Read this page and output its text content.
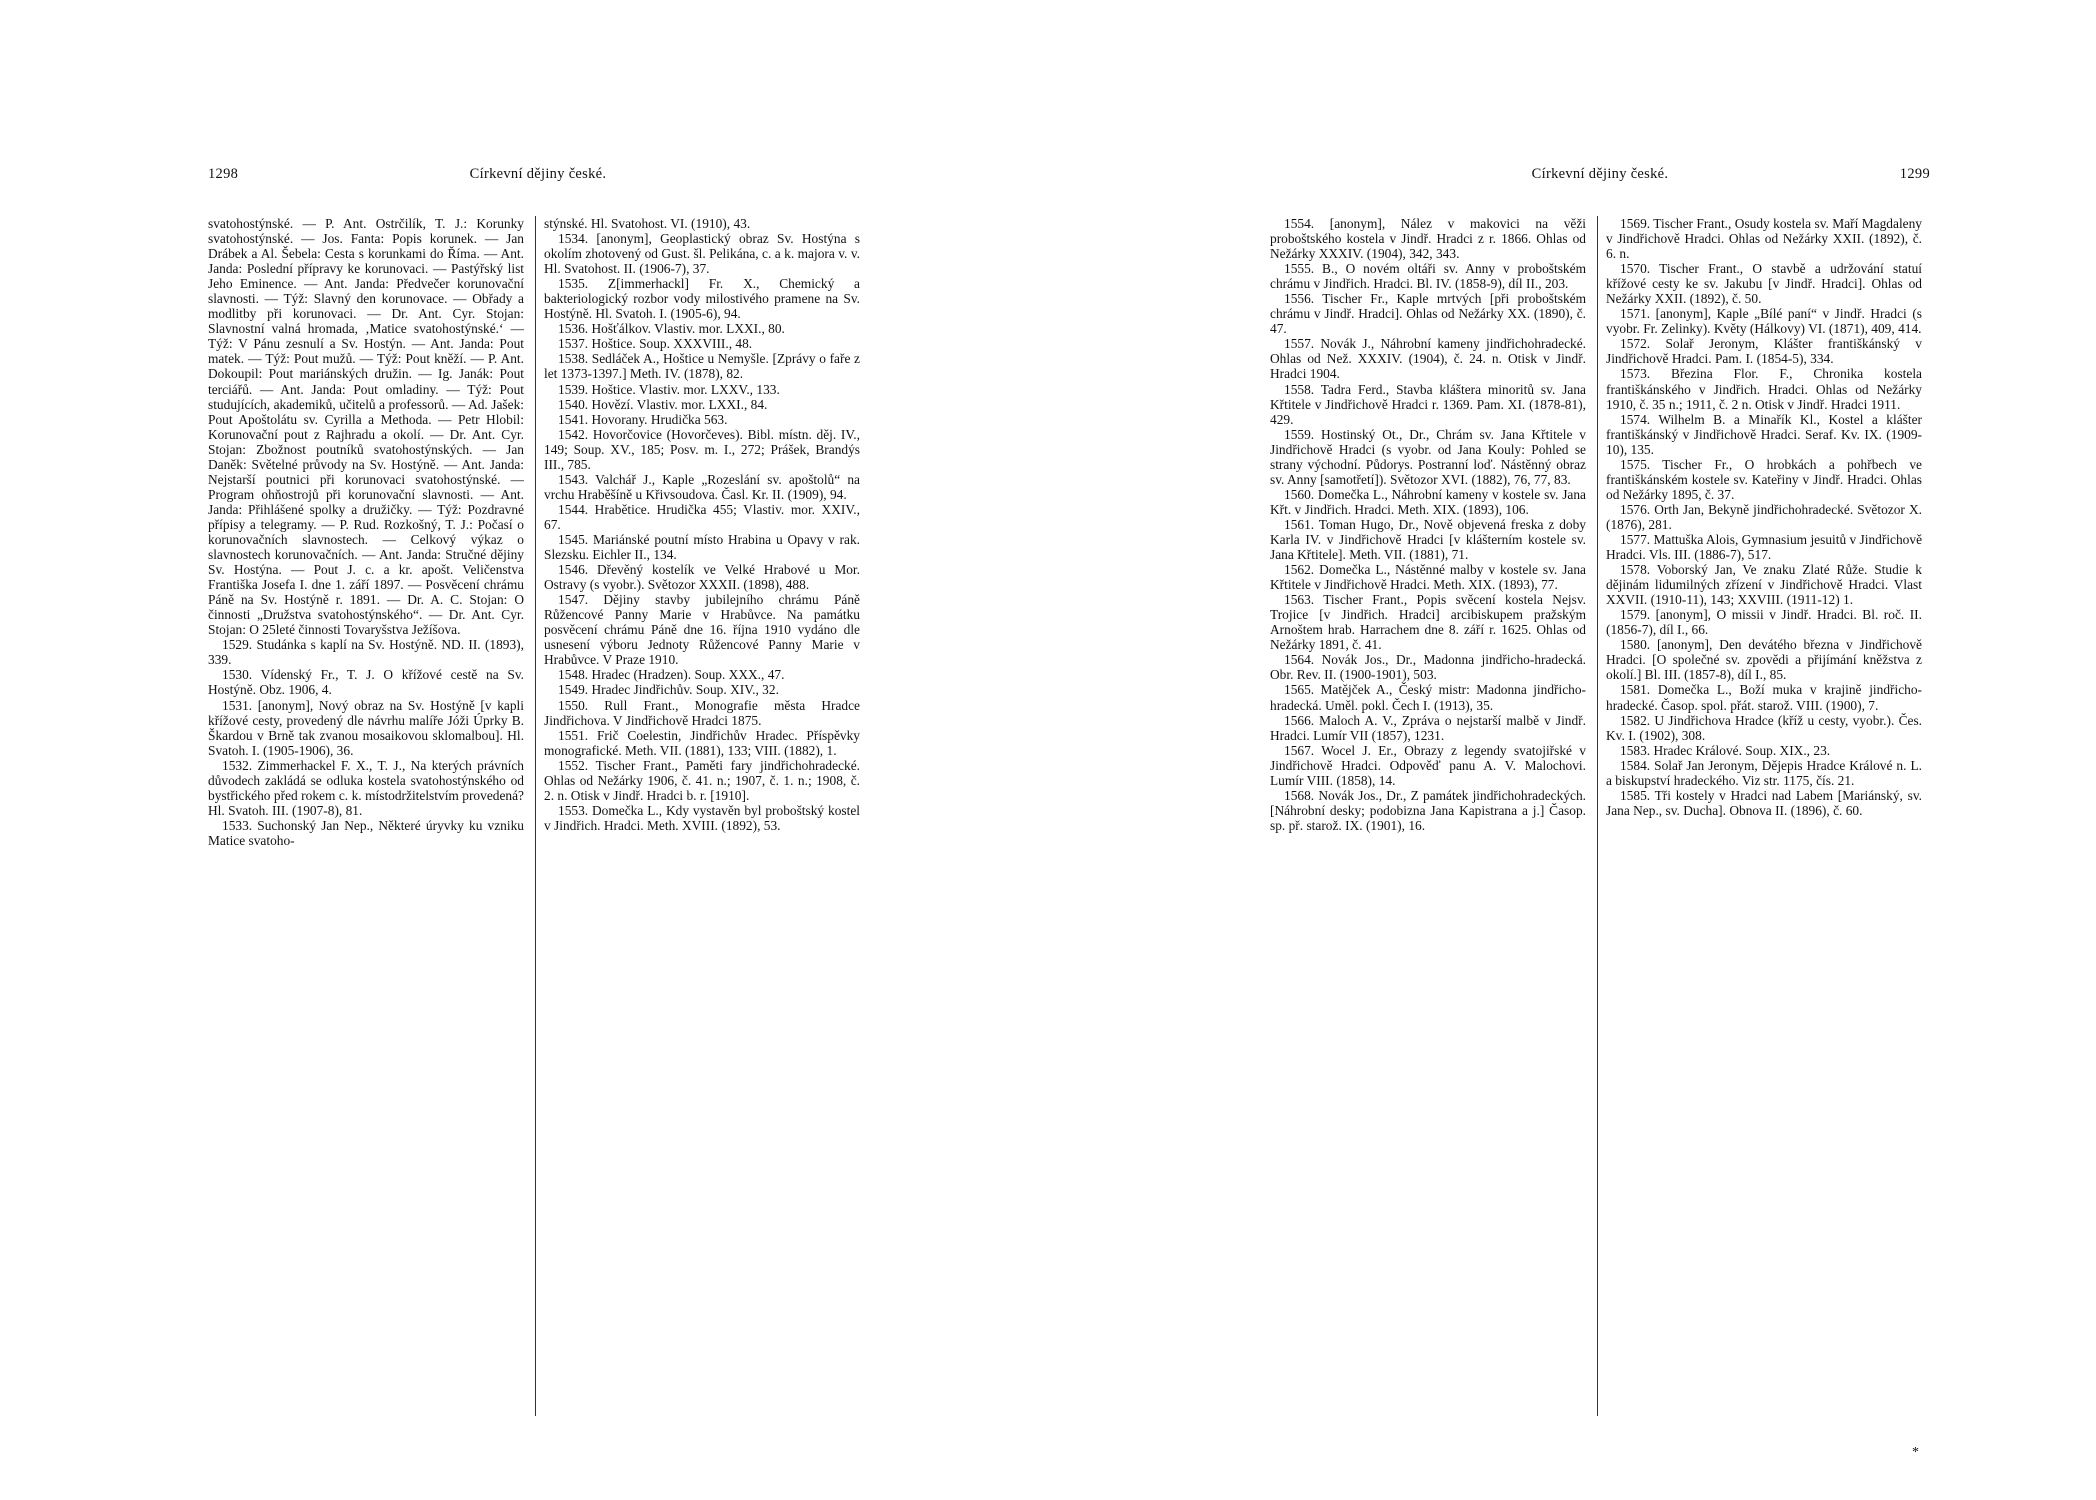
1298	Církevní dějiny české.

svatohostýnské. — P. Ant. Ostrčilík, T. J.: Korunky svatohostýnské. — Jos. Fanta: Popis korunek. — Jan Drábek a Al. Šebela: Cesta s korunkami do Říma. — Ant. Janda: Poslední přípravy ke korunovaci. — Pastýřský list Jeho Eminence. — Ant. Janda: Předvečer korunovační slavnosti. — Týž: Slavný den korunovace. — Obřady a modlitby při korunovaci. — Dr. Ant. Cyr. Stojan: Slavnostní valná hromada, ‚Matice svatohostýnské.‘ — Týž: V Pánu zesnulí a Sv. Hostýn. — Ant. Janda: Pout matek. — Týž: Pout mužů. — Týž: Pout kněží. — P. Ant. Dokoupil: Pout mariánských družin. — Ig. Janák: Pout terciářů. — Ant. Janda: Pout omladiny. — Týž: Pout studujících, akademiků, učitelů a professorů. — Ad. Jašek: Pout Apoštolátu sv. Cyrilla a Methoda. — Petr Hlobil: Korunovační pout z Rajhradu a okolí. — Dr. Ant. Cyr. Stojan: Zbožnost poutníků svatohostýnských. — Jan Daněk: Světelné průvody na Sv. Hostýně. — Ant. Janda: Nejstarší poutnici při korunovaci svatohostýnské. — Program ohňostrojů při korunovační slavnosti. — Ant. Janda: Přihlášené spolky a družičky. — Týž: Pozdravné přípisy a telegramy. — P. Rud. Rozkošný, T. J.: Počasí o korunovačních slavnostech. — Celkový výkaz o slavnostech korunovačních. — Ant. Janda: Stručné dějiny Sv. Hostýna. — Pout J. c. a kr. apošt. Veličenstva Františka Josefa I. dne 1. září 1897. — Posvěcení chrámu Páně na Sv. Hostýně r. 1891. — Dr. A. C. Stojan: O činnosti „Družstva svatohostýnského“. — Dr. Ant. Cyr. Stojan: O 25leté činnosti Tovaryšstva Ježíšova.

1529. Studánka s kaplí na Sv. Hostýně. ND. II. (1893), 339.

1530. Vídenský Fr., T. J. O křížové cestě na Sv. Hostýně. Obz. 1906, 4.

1531. [anonym], Nový obraz na Sv. Hostýně [v kapli křížové cesty, provedený dle návrhu malíře Jóži Úprky B. Škardou v Brně tak zvanou mosaikovou sklomalbou]. Hl. Svatoh. I. (1905-1906), 36.

1532. Zimmerhackel F. X., T. J., Na kterých právních důvodech zakládá se odluka kostela svatohostýnského od bystřického před rokem c. k. místodržitelstvím provedená? Hl. Svatoh. III. (1907-8), 81.

1533. Suchonský Jan Nep., Některé úryvky ku vzniku Matice svatoho-

stýnské. Hl. Svatohost. VI. (1910), 43.

1534. [anonym], Geoplastický obraz Sv. Hostýna s okolím zhotovený od Gust. šl. Pelikána, c. a k. majora v. v. Hl. Svatohost. II. (1906-7), 37.

1535. Z[immerhackl] Fr. X., Chemický a bakteriologický rozbor vody milostivého pramene na Sv. Hostýně. Hl. Svatoh. I. (1905-6), 94.

1536. Hošťálkov. Vlastiv. mor. LXXI., 80.

1537. Hoštice. Soup. XXXVIII., 48.

1538. Sedláček A., Hoštice u Nemyšle. [Zprávy o faře z let 1373-1397.] Meth. IV. (1878), 82.

1539. Hoštice. Vlastiv. mor. LXXV., 133.

1540. Hovězí. Vlastiv. mor. LXXI., 84.

1541. Hovorany. Hrudička 563.

1542. Hovorčovice (Hovorčeves). Bibl. místn. děj. IV., 149; Soup. XV., 185; Posv. m. I., 272; Prášek, Brandýs III., 785.

1543. Valchář J., Kaple „Rozeslání sv. apoštolů“ na vrchu Hraběšíně u Křivsoudova. Časl. Kr. II. (1909), 94.

1544. Hrabětice. Hrudička 455; Vlastiv. mor. XXIV., 67.

1545. Mariánské poutní místo Hrabina u Opavy v rak. Slezsku. Eichler II., 134.

1546. Dřevěný kostelík ve Velké Hrabové u Mor. Ostravy (s vyobr.). Světozor XXXII. (1898), 488.

1547. Dějiny stavby jubilejního chrámu Páně Růžencové Panny Marie v Hrabůvce. Na památku posvěcení chrámu Páně dne 16. října 1910 vydáno dle usnesení výboru Jednoty Růžencové Panny Marie v Hrabůvce. V Praze 1910.

1548. Hradec (Hradzen). Soup. XXX., 47.

1549. Hradec Jindřichův. Soup. XIV., 32.

1550. Rull Frant., Monografie města Hradce Jindřichova. V Jindřichově Hradci 1875.

1551. Frič Coelestin, Jindřichův Hradec. Příspěvky monografické. Meth. VII. (1881), 133; VIII. (1882), 1.

1552. Tischer Frant., Paměti fary jindřichohradecké. Ohlas od Nežárky 1906, č. 41. n.; 1907, č. 1. n.; 1908, č. 2. n. Otisk v Jindř. Hradci b. r. [1910].

1553. Domečka L., Kdy vystavěn byl proboštský kostel v Jindřich. Hradci. Meth. XVIII. (1892), 53.

Církevní dějiny české.	1299

1554. [anonym], Nález v makovici na věži proboštského kostela v Jindř. Hradci z r. 1866. Ohlas od Nežárky XXXIV. (1904), 342, 343.

1555. B., O novém oltáři sv. Anny v proboštském chrámu v Jindřich. Hradci. Bl. IV. (1858-9), díl II., 203.

1556. Tischer Fr., Kaple mrtvých [při proboštském chrámu v Jindř. Hradci]. Ohlas od Nežárky XX. (1890), č. 47.

1557. Novák J., Náhrobní kameny jindřichohradecké. Ohlas od Než. XXXIV. (1904), č. 24. n. Otisk v Jindř. Hradci 1904.

1558. Tadra Ferd., Stavba kláštera minoritů sv. Jana Křtitele v Jindřichově Hradci r. 1369. Pam. XI. (1878-81), 429.

1559. Hostinský Ot., Dr., Chrám sv. Jana Křtitele v Jindřichově Hradci (s vyobr. od Jana Kouly: Pohled se strany východní. Půdorys. Postranní loď. Nástěnný obraz sv. Anny [samotřetí]). Světozor XVI. (1882), 76, 77, 83.

1560. Domečka L., Náhrobní kameny v kostele sv. Jana Křt. v Jindřich. Hradci. Meth. XIX. (1893), 106.

1561. Toman Hugo, Dr., Nově objevená freska z doby Karla IV. v Jindřichově Hradci [v klášterním kostele sv. Jana Křtitele]. Meth. VII. (1881), 71.

1562. Domečka L., Nástěnné malby v kostele sv. Jana Křtitele v Jindřichově Hradci. Meth. XIX. (1893), 77.

1563. Tischer Frant., Popis svěcení kostela Nejsv. Trojice [v Jindřich. Hradci] arcibiskupem pražským Arnoštem hrab. Harrachem dne 8. září r. 1625. Ohlas od Nežárky 1891, č. 41.

1564. Novák Jos., Dr., Madonna jindřicho-hradecká. Obr. Rev. II. (1900-1901), 503.

1565. Matějček A., Český mistr: Madonna jindřicho-hradecká. Uměl. pokl. Čech I. (1913), 35.

1566. Maloch A. V., Zpráva o nejstarší malbě v Jindř. Hradci. Lumír VII (1857), 1231.

1567. Wocel J. Er., Obrazy z legendy svatojiřské v Jindřichově Hradci. Odpověď panu A. V. Malochovi. Lumír VIII. (1858), 14.

1568. Novák Jos., Dr., Z památek jindřichohradeckých. [Náhrobní desky; podobizna Jana Kapistrana a j.] Časop. sp. př. starož. IX. (1901), 16.

1569. Tischer Frant., Osudy kostela sv. Maří Magdaleny v Jindřichově Hradci. Ohlas od Nežárky XXII. (1892), č. 6. n.

1570. Tischer Frant., O stavbě a udržování statuí křížové cesty ke sv. Jakubu [v Jindř. Hradci]. Ohlas od Nežárky XXII. (1892), č. 50.

1571. [anonym], Kaple „Bílé paní“ v Jindř. Hradci (s vyobr. Fr. Zelinky). Květy (Hálkovy) VI. (1871), 409, 414.

1572. Solař Jeronym, Klášter františkánský v Jindřichově Hradci. Pam. I. (1854-5), 334.

1573. Březina Flor. F., Chronika kostela františkánského v Jindřich. Hradci. Ohlas od Nežárky 1910, č. 35 n.; 1911, č. 2 n. Otisk v Jindř. Hradci 1911.

1574. Wilhelm B. a Minařík Kl., Kostel a klášter františkánský v Jindřichově Hradci. Seraf. Kv. IX. (1909-10), 135.

1575. Tischer Fr., O hrobkách a pohřbech ve františkánském kostele sv. Kateřiny v Jindř. Hradci. Ohlas od Nežárky 1895, č. 37.

1576. Orth Jan, Bekyně jindřichohradecké. Světozor X. (1876), 281.

1577. Mattuška Alois, Gymnasium jesuitů v Jindřichově Hradci. Vls. III. (1886-7), 517.

1578. Voborský Jan, Ve znaku Zlaté Růže. Studie k dějinám lidumilných zřízení v Jindřichově Hradci. Vlast XXVII. (1910-11), 143; XXVIII. (1911-12) 1.

1579. [anonym], O missii v Jindř. Hradci. Bl. roč. II. (1856-7), díl I., 66.

1580. [anonym], Den devátého března v Jindřichově Hradci. [O společné sv. zpovědi a přijímání kněžstva z okolí.] Bl. III. (1857-8), díl I., 85.

1581. Domečka L., Boží muka v krajině jindřicho-hradecké. Časop. spol. přát. starož. VIII. (1900), 7.

1582. U Jindřichova Hradce (kříž u cesty, vyobr.). Čes. Kv. I. (1902), 308.

1583. Hradec Králové. Soup. XIX., 23.

1584. Solař Jan Jeronym, Dějepis Hradce Králové n. L. a biskupství hradeckého. Viz str. 1175, čís. 21.

1585. Tři kostely v Hradci nad Labem [Mariánský, sv. Jana Nep., sv. Ducha]. Obnova II. (1896), č. 60.

*
